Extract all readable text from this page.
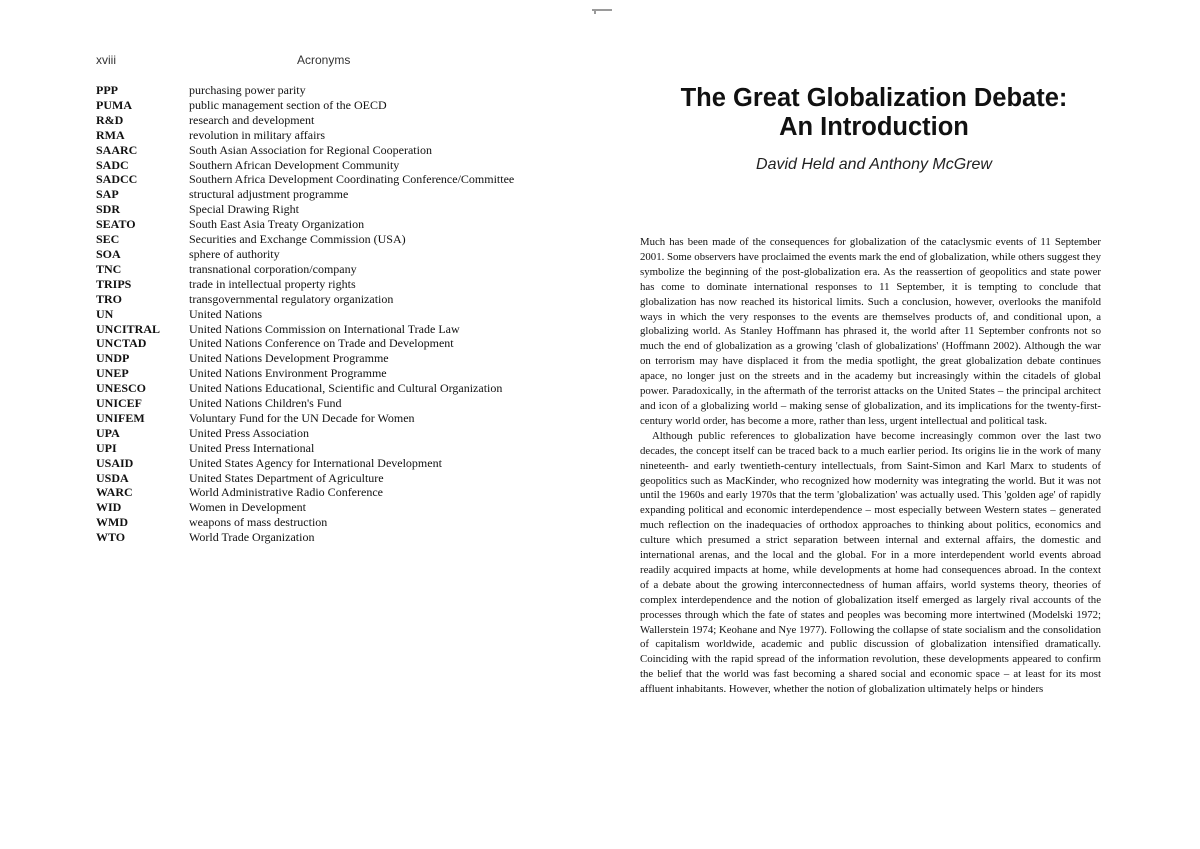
xviii	Acronyms
PPP	purchasing power parity
PUMA	public management section of the OECD
R&D	research and development
RMA	revolution in military affairs
SAARC	South Asian Association for Regional Cooperation
SADC	Southern African Development Community
SADCC	Southern Africa Development Coordinating Conference/Committee
SAP	structural adjustment programme
SDR	Special Drawing Right
SEATO	South East Asia Treaty Organization
SEC	Securities and Exchange Commission (USA)
SOA	sphere of authority
TNC	transnational corporation/company
TRIPS	trade in intellectual property rights
TRO	transgovernmental regulatory organization
UN	United Nations
UNCITRAL	United Nations Commission on International Trade Law
UNCTAD	United Nations Conference on Trade and Development
UNDP	United Nations Development Programme
UNEP	United Nations Environment Programme
UNESCO	United Nations Educational, Scientific and Cultural Organization
UNICEF	United Nations Children's Fund
UNIFEM	Voluntary Fund for the UN Decade for Women
UPA	United Press Association
UPI	United Press International
USAID	United States Agency for International Development
USDA	United States Department of Agriculture
WARC	World Administrative Radio Conference
WID	Women in Development
WMD	weapons of mass destruction
WTO	World Trade Organization
The Great Globalization Debate:
An Introduction
David Held and Anthony McGrew

Much has been made of the consequences for globalization of the cataclysmic events of 11 September 2001. Some observers have proclaimed the events mark the end of globalization, while others suggest they symbolize the beginning of the post-globalization era. As the reassertion of geopolitics and state power has come to dominate international responses to 11 September, it is tempting to conclude that globalization has now reached its historical limits. Such a conclusion, however, overlooks the manifold ways in which the very responses to the events are themselves products of, and conditional upon, a globalizing world. As Stanley Hoffmann has phrased it, the world after 11 September confronts not so much the end of globalization as a growing 'clash of globalizations' (Hoffmann 2002). Although the war on terrorism may have displaced it from the media spotlight, the great globalization debate continues apace, no longer just on the streets and in the academy but increasingly within the citadels of global power. Paradoxically, in the aftermath of the terrorist attacks on the United States – the principal architect and icon of a globalizing world – making sense of globalization, and its implications for the twenty-first-century world order, has become a more, rather than less, urgent intellectual and political task.

Although public references to globalization have become increasingly common over the last two decades, the concept itself can be traced back to a much earlier period. Its origins lie in the work of many nineteenth- and early twentieth-century intellectuals, from Saint-Simon and Karl Marx to students of geopolitics such as MacKinder, who recognized how modernity was integrating the world. But it was not until the 1960s and early 1970s that the term 'globalization' was actually used. This 'golden age' of rapidly expanding political and economic interdependence – most especially between Western states – generated much reflection on the inadequacies of orthodox approaches to thinking about politics, economics and culture which presumed a strict separation between internal and external affairs, the domestic and international arenas, and the local and the global. For in a more interdependent world events abroad readily acquired impacts at home, while developments at home had consequences abroad. In the context of a debate about the growing interconnectedness of human affairs, world systems theory, theories of complex interdependence and the notion of globalization itself emerged as largely rival accounts of the processes through which the fate of states and peoples was becoming more intertwined (Modelski 1972; Wallerstein 1974; Keohane and Nye 1977). Following the collapse of state socialism and the consolidation of capitalism worldwide, academic and public discussion of globalization intensified dramatically. Coinciding with the rapid spread of the information revolution, these developments appeared to confirm the belief that the world was fast becoming a shared social and economic space – at least for its most affluent inhabitants. However, whether the notion of globalization ultimately helps or hinders
